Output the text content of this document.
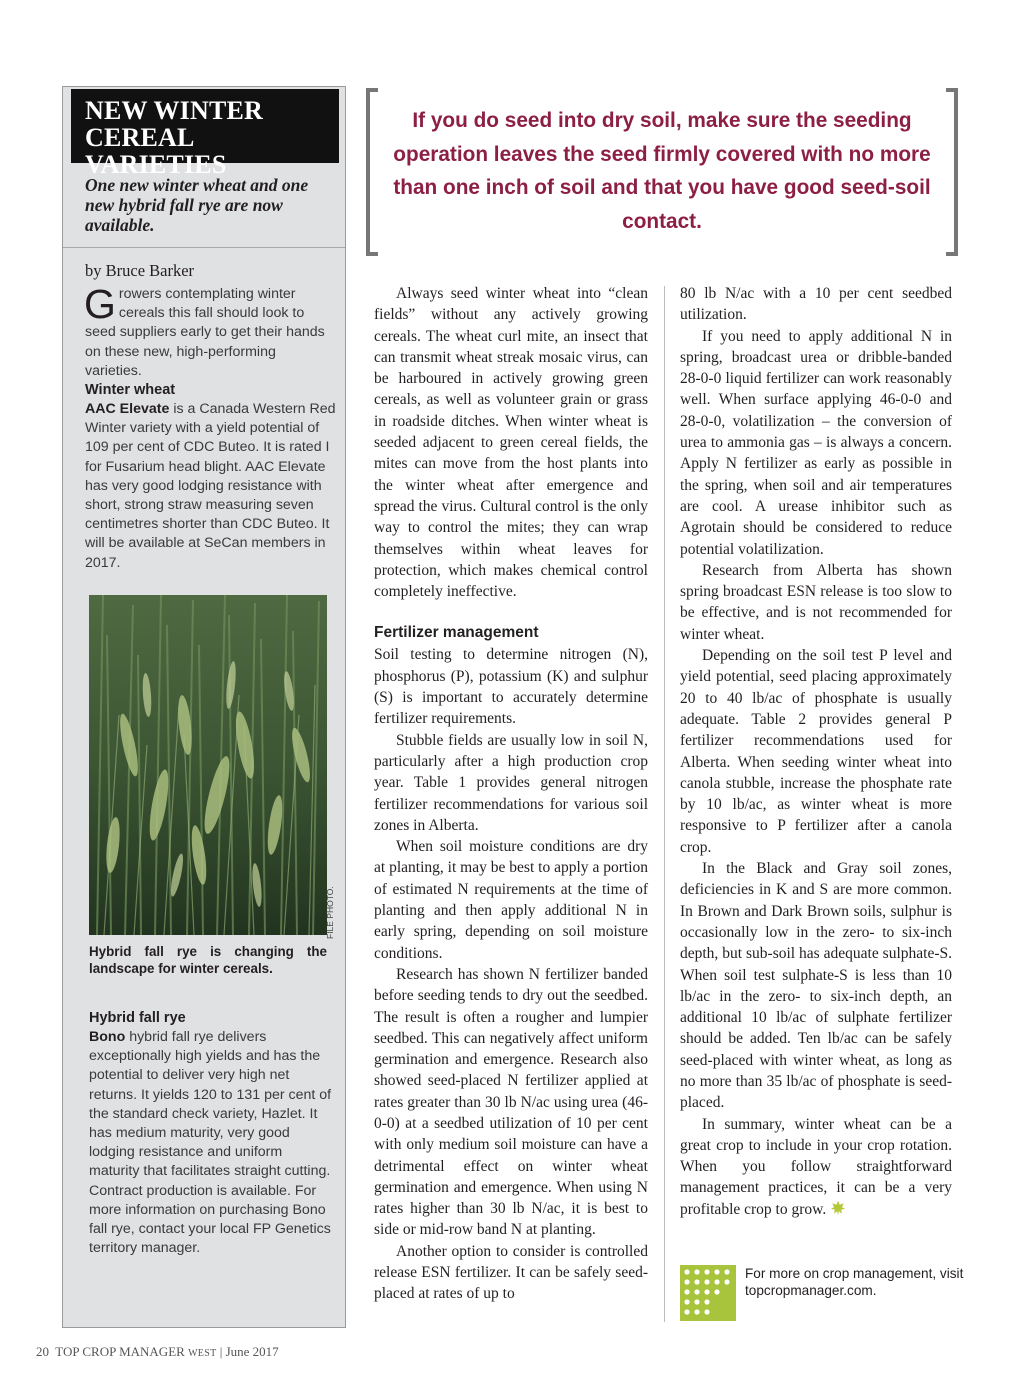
NEW WINTER
CEREAL VARIETIES

One new winter wheat and one new hybrid fall rye are now available.

by Bruce Barker

Growers contemplating winter cereals this fall should look to seed suppliers early to get their hands on these new, high-performing varieties.

Winter wheat

AAC Elevate is a Canada Western Red Winter variety with a yield potential of 109 per cent of CDC Buteo. It is rated I for Fusarium head blight. AAC Elevate has very good lodging resistance with short, strong straw measuring seven centimetres shorter than CDC Buteo. It will be available at SeCan members in 2017.

FILE PHOTO.

Hybrid fall rye is changing the landscape for winter cereals.

Hybrid fall rye

Bono hybrid fall rye delivers exceptionally high yields and has the potential to deliver very high net returns. It yields 120 to 131 per cent of the standard check variety, Hazlet. It has medium maturity, very good lodging resistance and uniform maturity that facilitates straight cutting. Contract production is available. For more information on purchasing Bono fall rye, contact your local FP Genetics territory manager.

If you do seed into dry soil, make sure the seeding operation leaves the seed firmly covered with no more than one inch of soil and that you have good seed-soil contact.

Always seed winter wheat into “clean fields” without any actively growing cereals. The wheat curl mite, an insect that can transmit wheat streak mosaic virus, can be harboured in actively growing green cereals, as well as volunteer grain or grass in roadside ditches. When winter wheat is seeded adjacent to green cereal fields, the mites can move from the host plants into the winter wheat after emergence and spread the virus. Cultural control is the only way to control the mites; they can wrap themselves within wheat leaves for protection, which makes chemical control completely ineffective.

Fertilizer management

Soil testing to determine nitrogen (N), phosphorus (P), potassium (K) and sulphur (S) is important to accurately determine fertilizer requirements.

Stubble fields are usually low in soil N, particularly after a high production crop year. Table 1 provides general nitrogen fertilizer recommendations for various soil zones in Alberta.

When soil moisture conditions are dry at planting, it may be best to apply a portion of estimated N requirements at the time of planting and then apply additional N in early spring, depending on soil moisture conditions.

Research has shown N fertilizer banded before seeding tends to dry out the seedbed. The result is often a rougher and lumpier seedbed. This can negatively affect uniform germination and emergence. Research also showed seed-placed N fertilizer applied at rates greater than 30 lb N/ac using urea (46-0-0) at a seedbed utilization of 10 per cent with only medium soil moisture can have a detrimental effect on winter wheat germination and emergence. When using N rates higher than 30 lb N/ac, it is best to side or mid-row band N at planting.

Another option to consider is controlled release ESN fertilizer. It can be safely seed-placed at rates of up to

80 lb N/ac with a 10 per cent seedbed utilization.

If you need to apply additional N in spring, broadcast urea or dribble-banded 28-0-0 liquid fertilizer can work reasonably well. When surface applying 46-0-0 and 28-0-0, volatilization – the conversion of urea to ammonia gas – is always a concern. Apply N fertilizer as early as possible in the spring, when soil and air temperatures are cool. A urease inhibitor such as Agrotain should be considered to reduce potential volatilization.

Research from Alberta has shown spring broadcast ESN release is too slow to be effective, and is not recommended for winter wheat.

Depending on the soil test P level and yield potential, seed placing approximately 20 to 40 lb/ac of phosphate is usually adequate. Table 2 provides general P fertilizer recommendations used for Alberta. When seeding winter wheat into canola stubble, increase the phosphate rate by 10 lb/ac, as winter wheat is more responsive to P fertilizer after a canola crop.

In the Black and Gray soil zones, deficiencies in K and S are more common. In Brown and Dark Brown soils, sulphur is occasionally low in the zero- to six-inch depth, but sub-soil has adequate sulphate-S. When soil test sulphate-S is less than 10 lb/ac in the zero- to six-inch depth, an additional 10 lb/ac of sulphate fertilizer should be added. Ten lb/ac can be safely seed-placed with winter wheat, as long as no more than 35 lb/ac of phosphate is seed-placed.

In summary, winter wheat can be a great crop to include in your crop rotation. When you follow straightforward management practices, it can be a very profitable crop to grow.

For more on crop management, visit topcropmanager.com.

20 TOP CROP MANAGER WEST | June 2017
